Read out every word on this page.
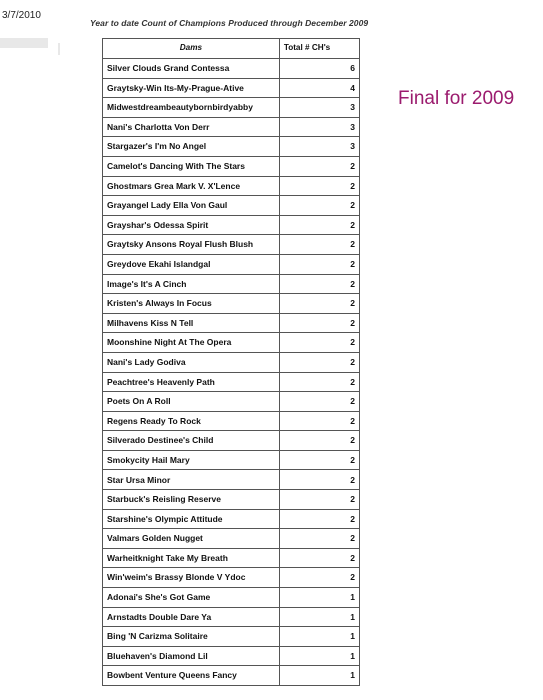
3/7/2010
Year to date Count of Champions Produced through December 2009
Final for 2009
Dams	Total # CH's
Silver Clouds Grand Contessa	6
Graytsky-Win Its-My-Prague-Ative	4
Midwestdreambeautybornbirdyabby	3
Nani's Charlotta Von Derr	3
Stargazer's I'm No Angel	3
Camelot's Dancing With The Stars	2
Ghostmars Grea Mark V. X'Lence	2
Grayangel Lady Ella Von Gaul	2
Grayshar's Odessa Spirit	2
Graytsky Ansons Royal Flush Blush	2
Greydove Ekahi Islandgal	2
Image's It's A Cinch	2
Kristen's Always In Focus	2
Milhavens Kiss N Tell	2
Moonshine Night At The Opera	2
Nani's Lady Godiva	2
Peachtree's Heavenly Path	2
Poets On A Roll	2
Regens Ready To Rock	2
Silverado Destinee's Child	2
Smokycity Hail Mary	2
Star Ursa Minor	2
Starbuck's Reisling Reserve	2
Starshine's Olympic Attitude	2
Valmars Golden Nugget	2
Warheitknight Take My Breath	2
Win'weim's Brassy Blonde V Ydoc	2
Adonai's She's Got Game	1
Arnstadts Double Dare Ya	1
Bing 'N Carizma Solitaire	1
Bluehaven's Diamond Lil	1
Bowbent Venture Queens Fancy	1
